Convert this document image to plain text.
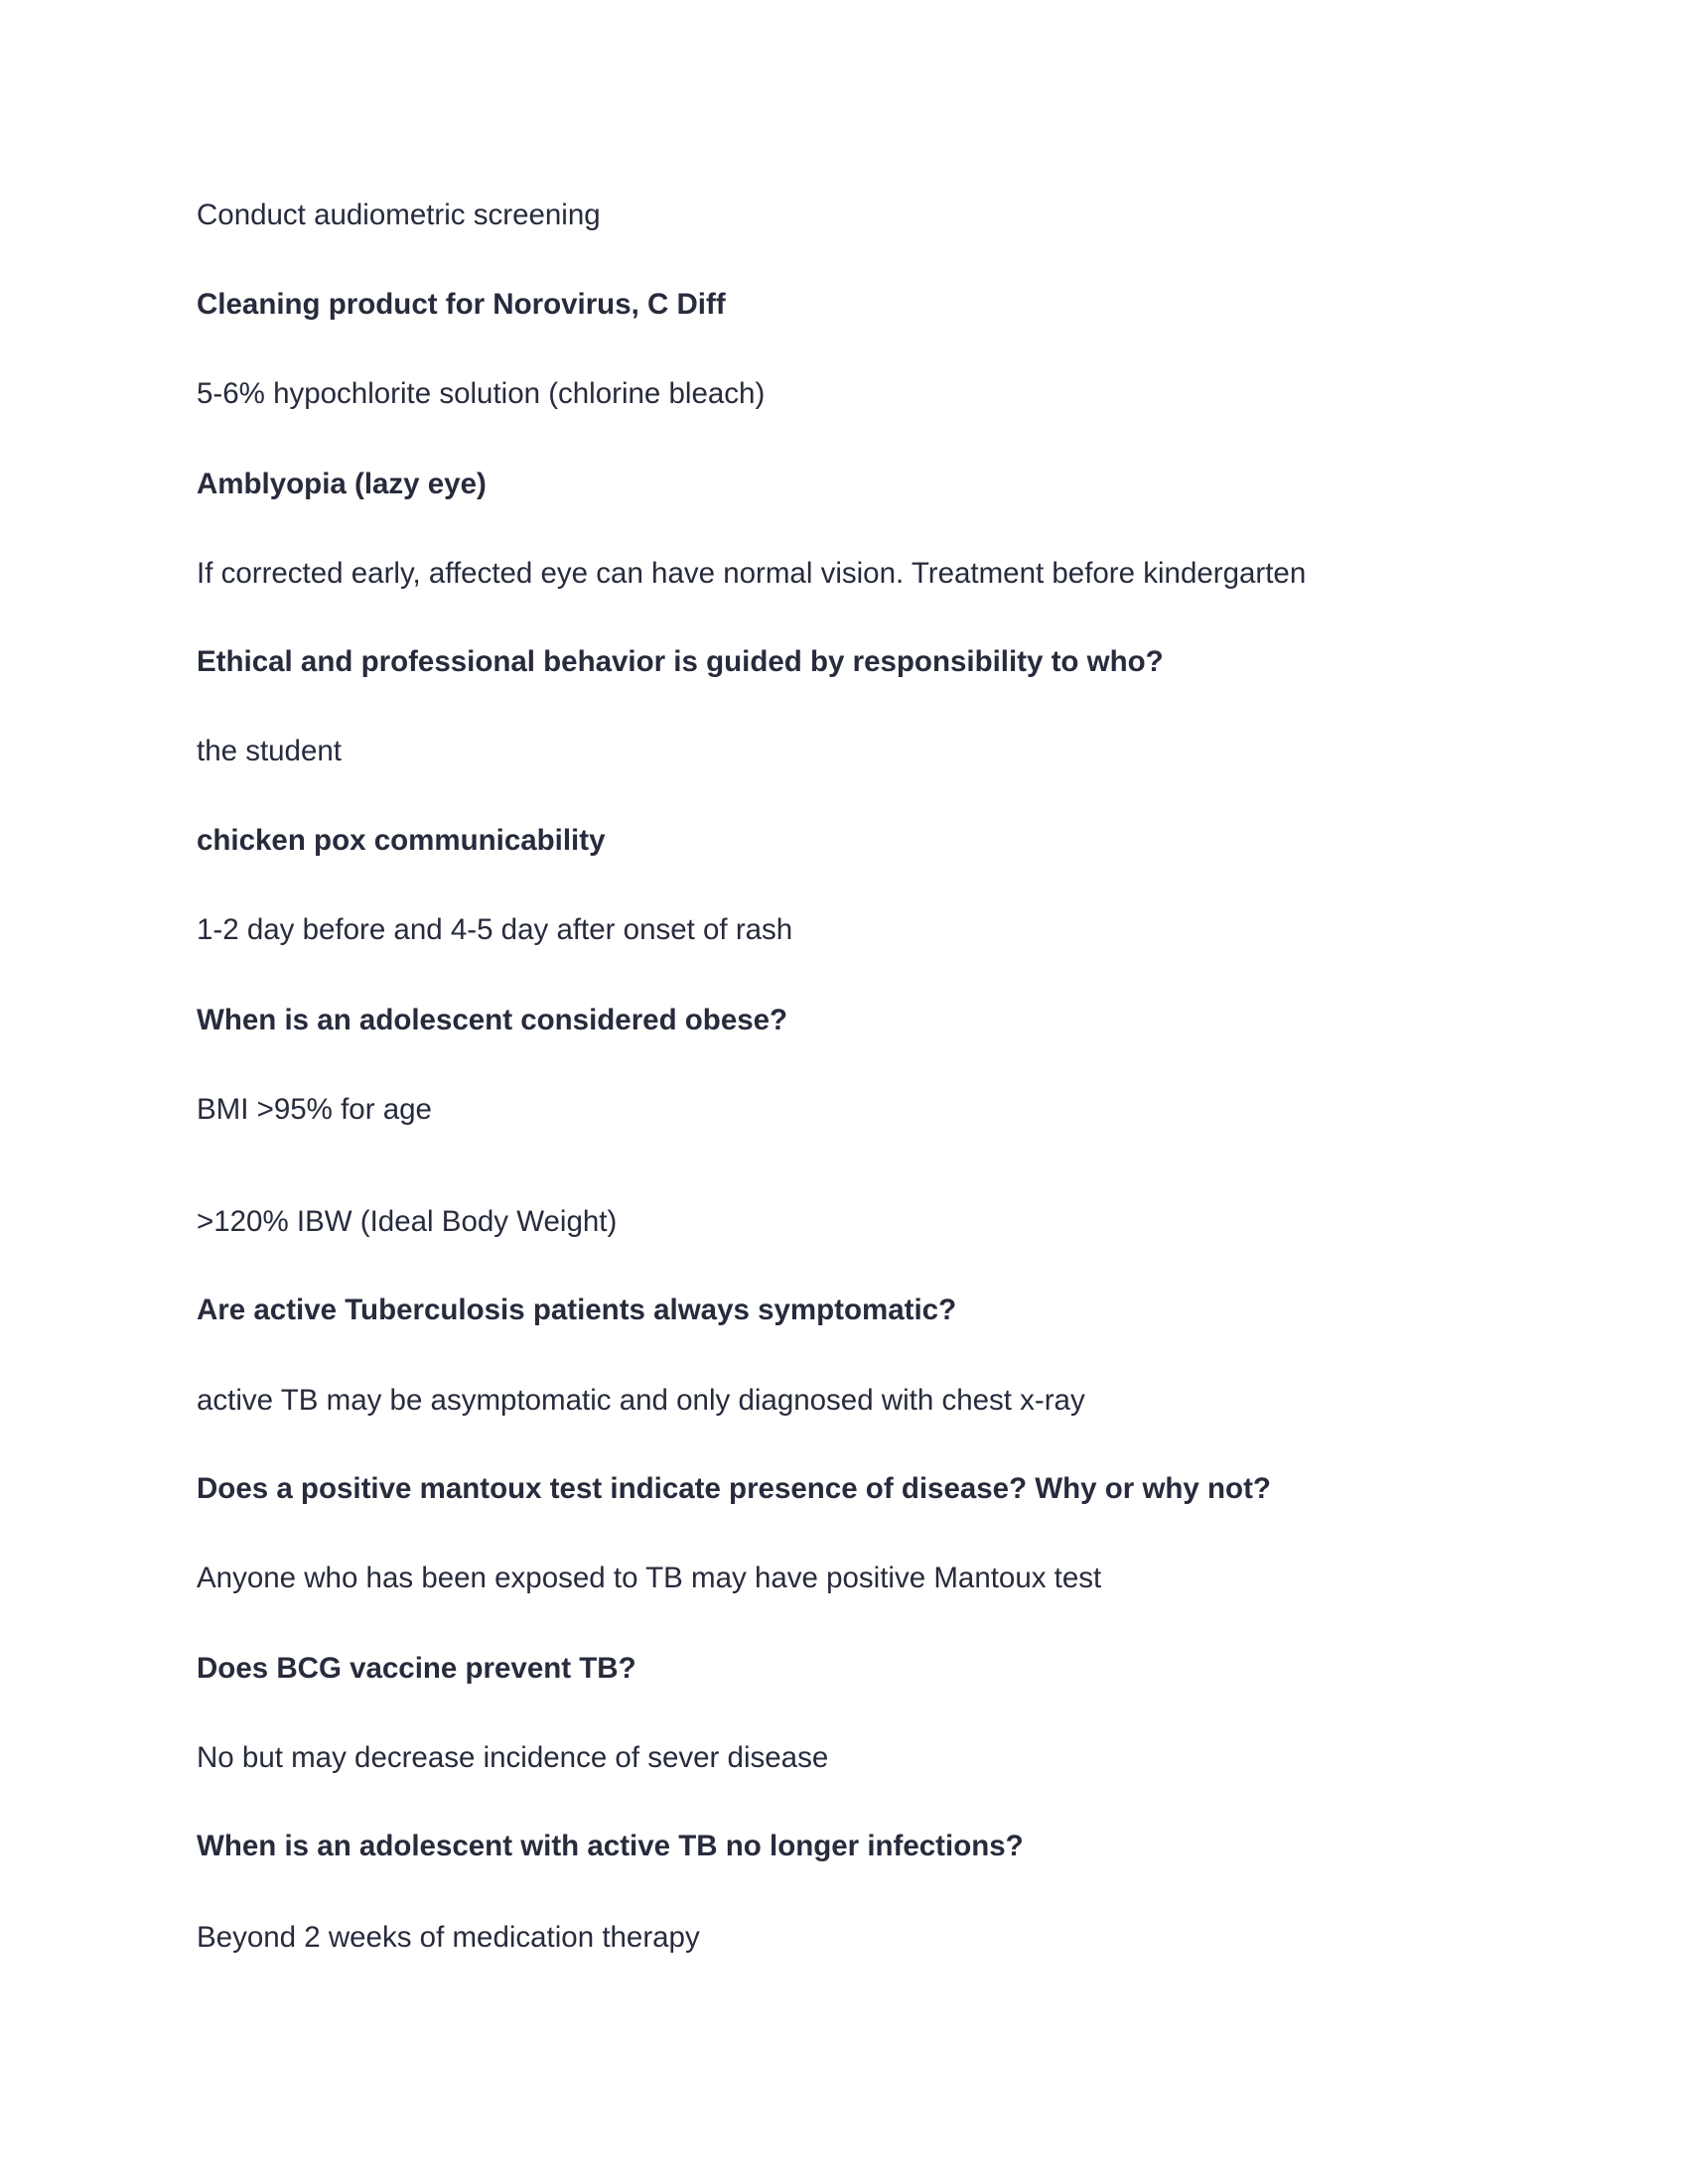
Conduct audiometric screening
Cleaning product for Norovirus, C Diff
5-6% hypochlorite solution (chlorine bleach)
Amblyopia (lazy eye)
If corrected early, affected eye can have normal vision. Treatment before kindergarten
Ethical and professional behavior is guided by responsibility to who?
the student
chicken pox communicability
1-2 day before and 4-5 day after onset of rash
When is an adolescent considered obese?
BMI >95% for age
>120% IBW (Ideal Body Weight)
Are active Tuberculosis patients always symptomatic?
active TB may be asymptomatic and only diagnosed with chest x-ray
Does a positive mantoux test indicate presence of disease? Why or why not?
Anyone who has been exposed to TB may have positive Mantoux test
Does BCG vaccine prevent TB?
No but may decrease incidence of sever disease
When is an adolescent with active TB no longer infections?
Beyond 2 weeks of medication therapy
